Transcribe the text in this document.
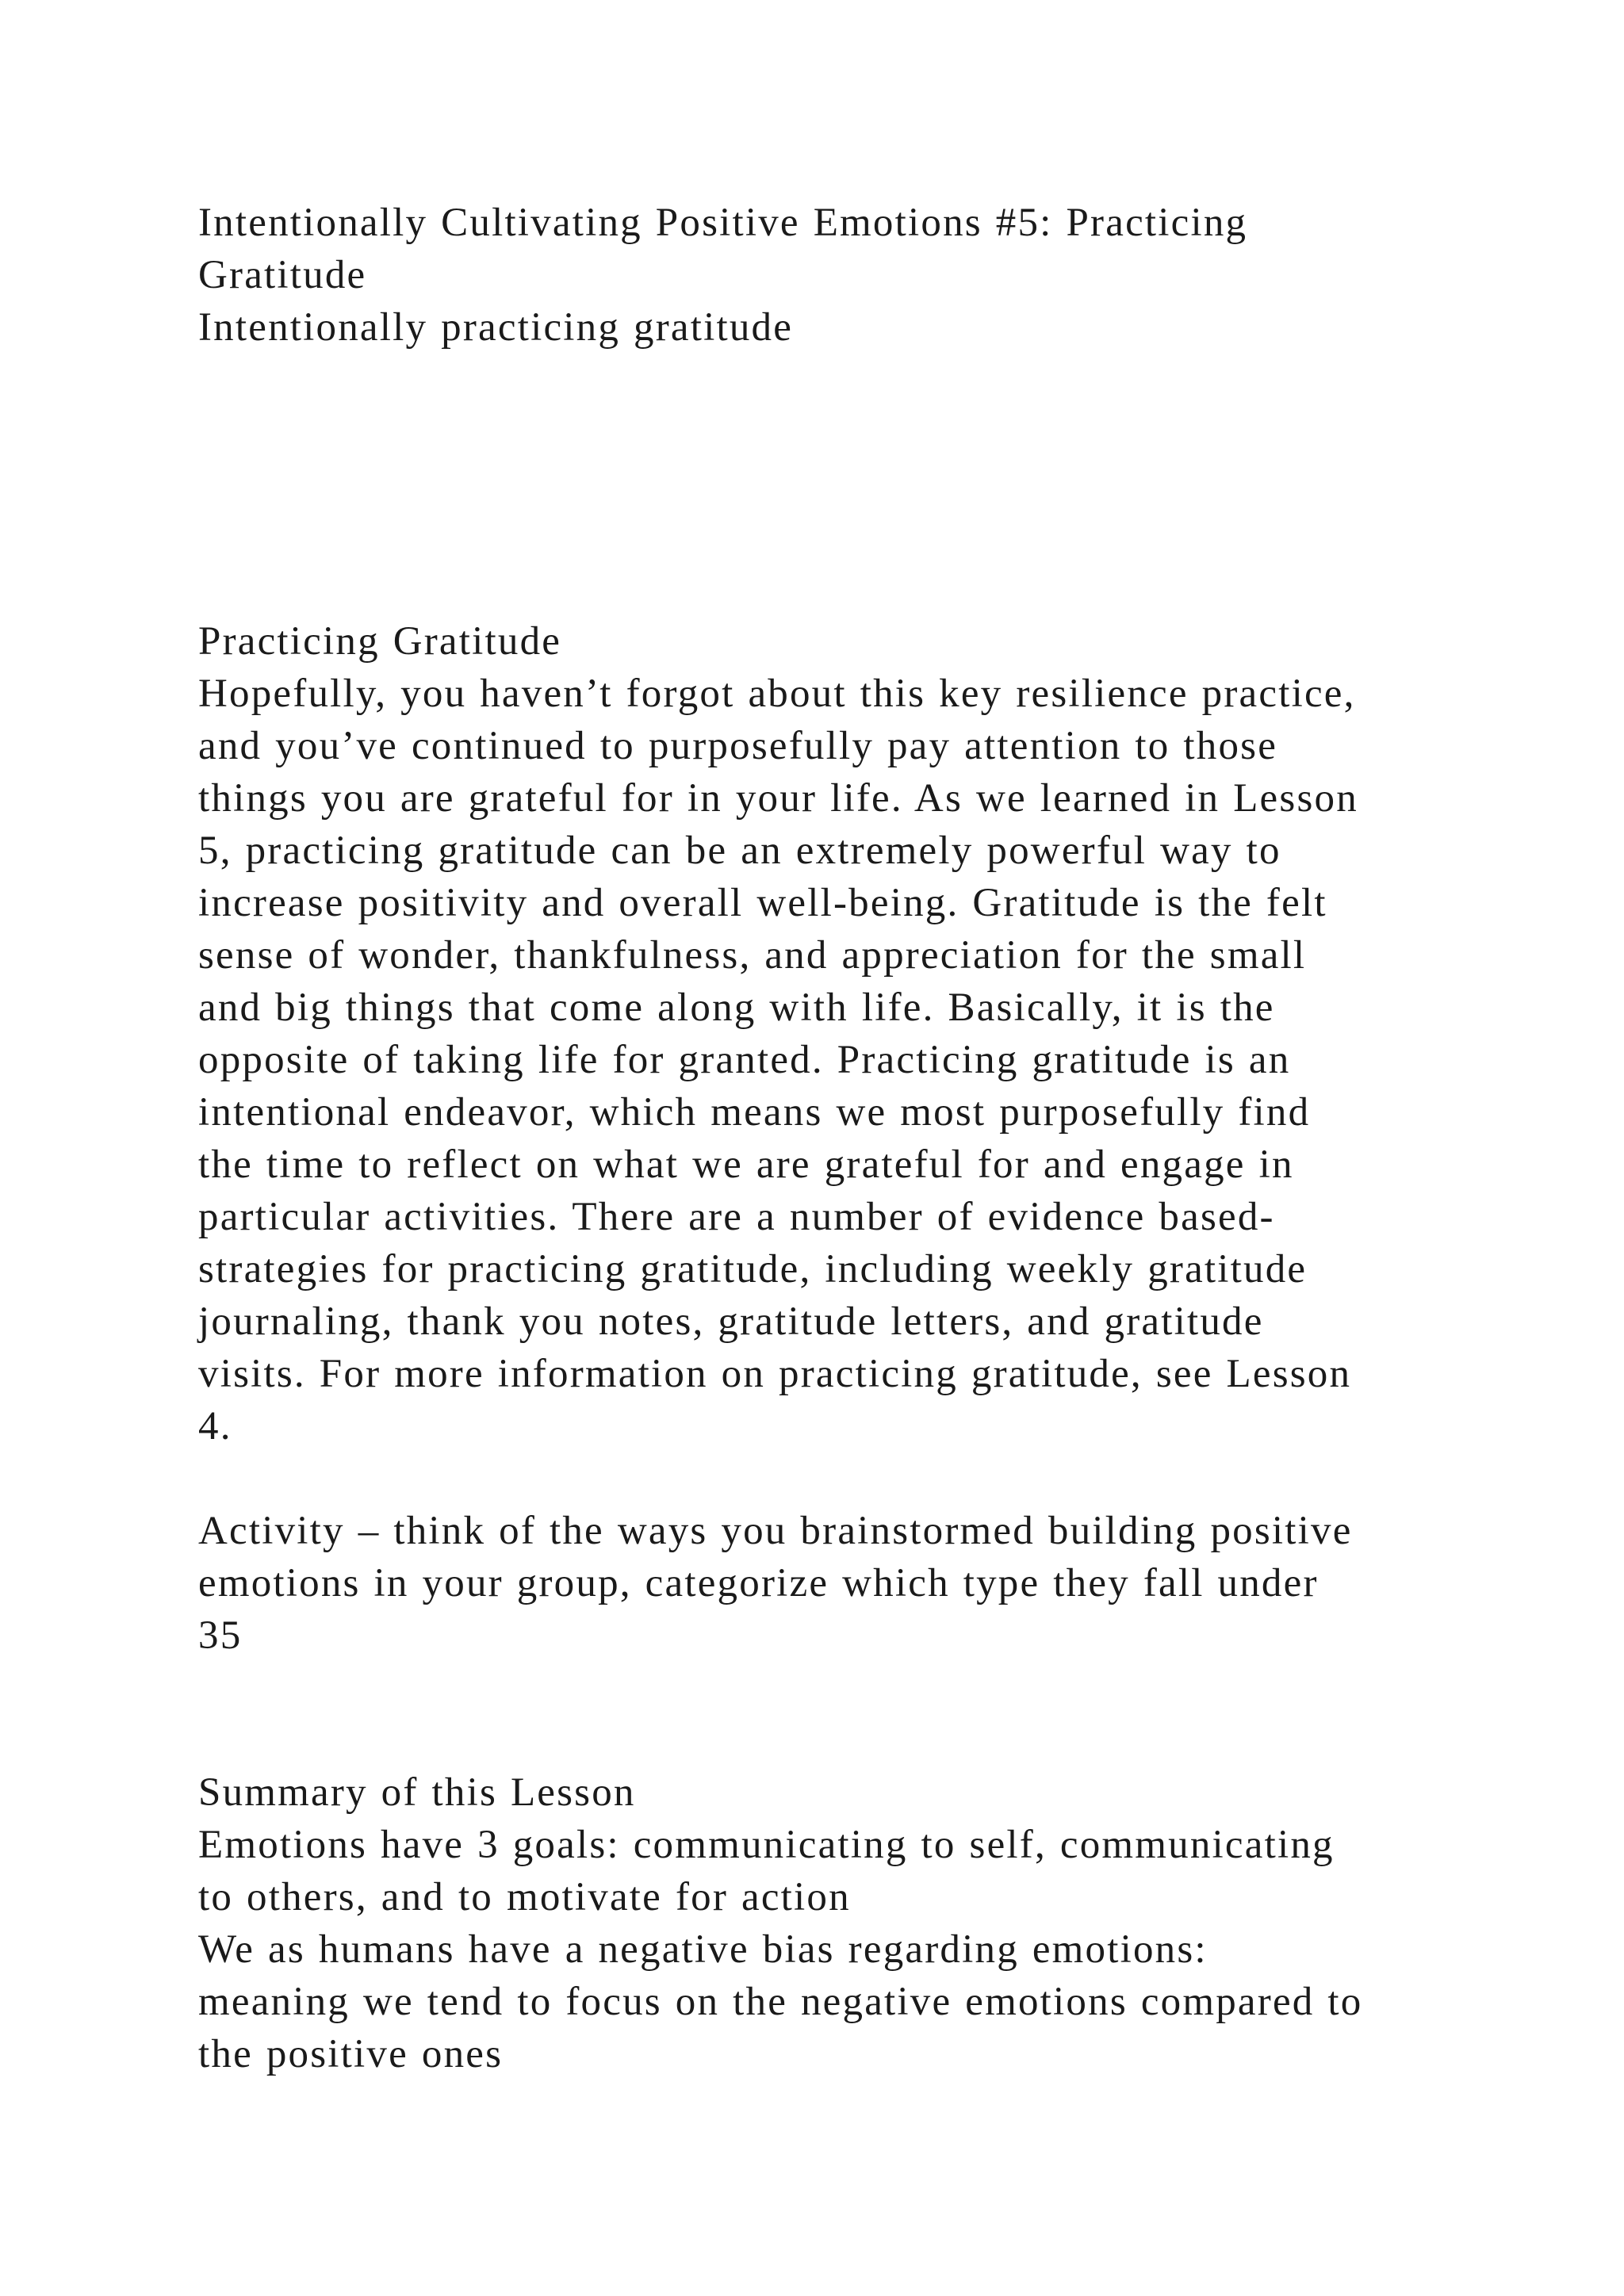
Intentionally Cultivating Positive Emotions #5: Practicing

Gratitude

Intentionally practicing gratitude

Practicing Gratitude

Hopefully, you haven’t forgot about this key resilience practice,

and you’ve continued to purposefully pay attention to those

things you are grateful for in your life. As we learned in Lesson

5, practicing gratitude can be an extremely powerful way to

increase positivity and overall well-being. Gratitude is the felt

sense of wonder, thankfulness, and appreciation for the small

and big things that come along with life. Basically, it is the

opposite of taking life for granted. Practicing gratitude is an

intentional endeavor, which means we most purposefully find

the time to reflect on what we are grateful for and engage in

particular activities. There are a number of evidence based-

strategies for practicing gratitude, including weekly gratitude

journaling, thank you notes, gratitude letters, and gratitude

visits. For more information on practicing gratitude, see Lesson

4.

Activity – think of the ways you brainstormed building positive

emotions in your group, categorize which type they fall under

35

Summary of this Lesson

Emotions have 3 goals: communicating to self, communicating

to others, and to motivate for action

We as humans have a negative bias regarding emotions:

meaning we tend to focus on the negative emotions compared to

the positive ones
